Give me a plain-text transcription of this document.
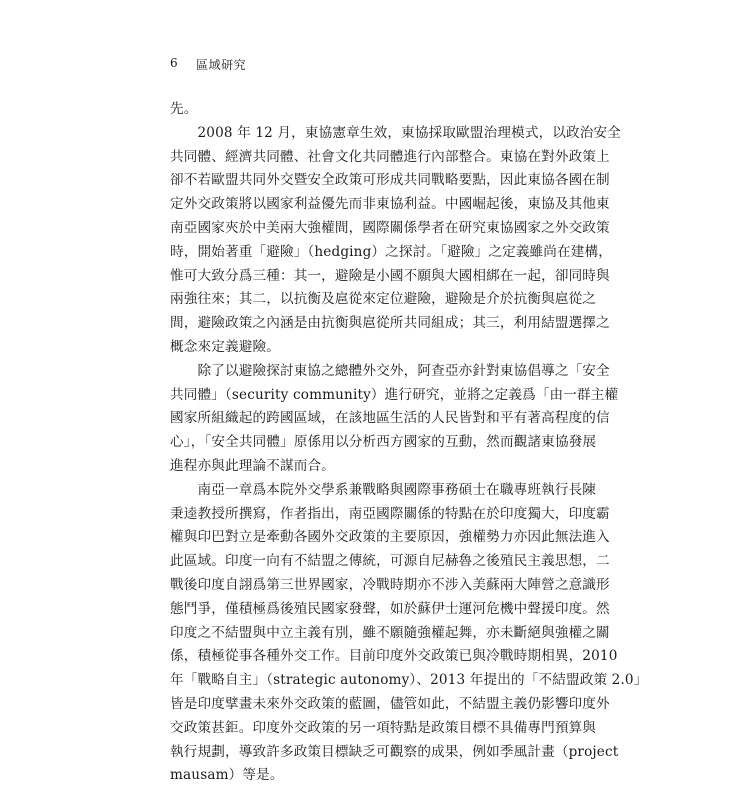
6 區域研究
先。
　　2008 年 12 月，東協憲章生效，東協採取歐盟治理模式，以政治安全
共同體、經濟共同體、社會文化共同體進行內部整合。東協在對外政策上
卻不若歐盟共同外交暨安全政策可形成共同戰略要點，因此東協各國在制
定外交政策將以國家利益優先而非東協利益。中國崛起後，東協及其他東
南亞國家夾於中美兩大強權間，國際關係學者在研究東協國家之外交政策
時，開始著重「避險」（hedging）之探討。「避險」之定義雖尚在建構，
惟可大致分爲三種：其一，避險是小國不願與大國相綁在一起，卻同時與
兩強往來；其二，以抗衡及扈從來定位避險，避險是介於抗衡與扈從之
間，避險政策之內涵是由抗衡與扈從所共同組成；其三，利用結盟選擇之
概念來定義避險。
　　除了以避險探討東協之總體外交外，阿查亞亦針對東協倡導之「安全
共同體」（security community）進行研究，並將之定義爲「由一群主權
國家所組織起的跨國區域，在該地區生活的人民皆對和平有著高程度的信
心」，「安全共同體」原係用以分析西方國家的互動，然而觀諸東協發展
進程亦與此理論不謀而合。
　　南亞一章爲本院外交學系兼戰略與國際事務碩士在職專班執行長陳
秉逵教授所撰寫，作者指出，南亞國際關係的特點在於印度獨大，印度霸
權與印巴對立是牽動各國外交政策的主要原因，強權勢力亦因此無法進入
此區域。印度一向有不結盟之傳統，可源自尼赫魯之後殖民主義思想，二
戰後印度自詡爲第三世界國家，冷戰時期亦不涉入美蘇兩大陣營之意識形
態鬥爭，僅積極爲後殖民國家發聲，如於蘇伊士運河危機中聲援印度。然
印度之不結盟與中立主義有別，雖不願隨強權起舞，亦未斷絕與強權之關
係，積極從事各種外交工作。目前印度外交政策已與冷戰時期相異，2010
年「戰略自主」（strategic autonomy）、2013 年提出的「不結盟政策 2.0」
皆是印度擘畫未來外交政策的藍圖，儘管如此，不結盟主義仍影響印度外
交政策甚鉅。印度外交政策的另一項特點是政策目標不具備專門預算與
執行規劃，導致許多政策目標缺乏可觀察的成果，例如季風計畫（project
mausam）等是。
